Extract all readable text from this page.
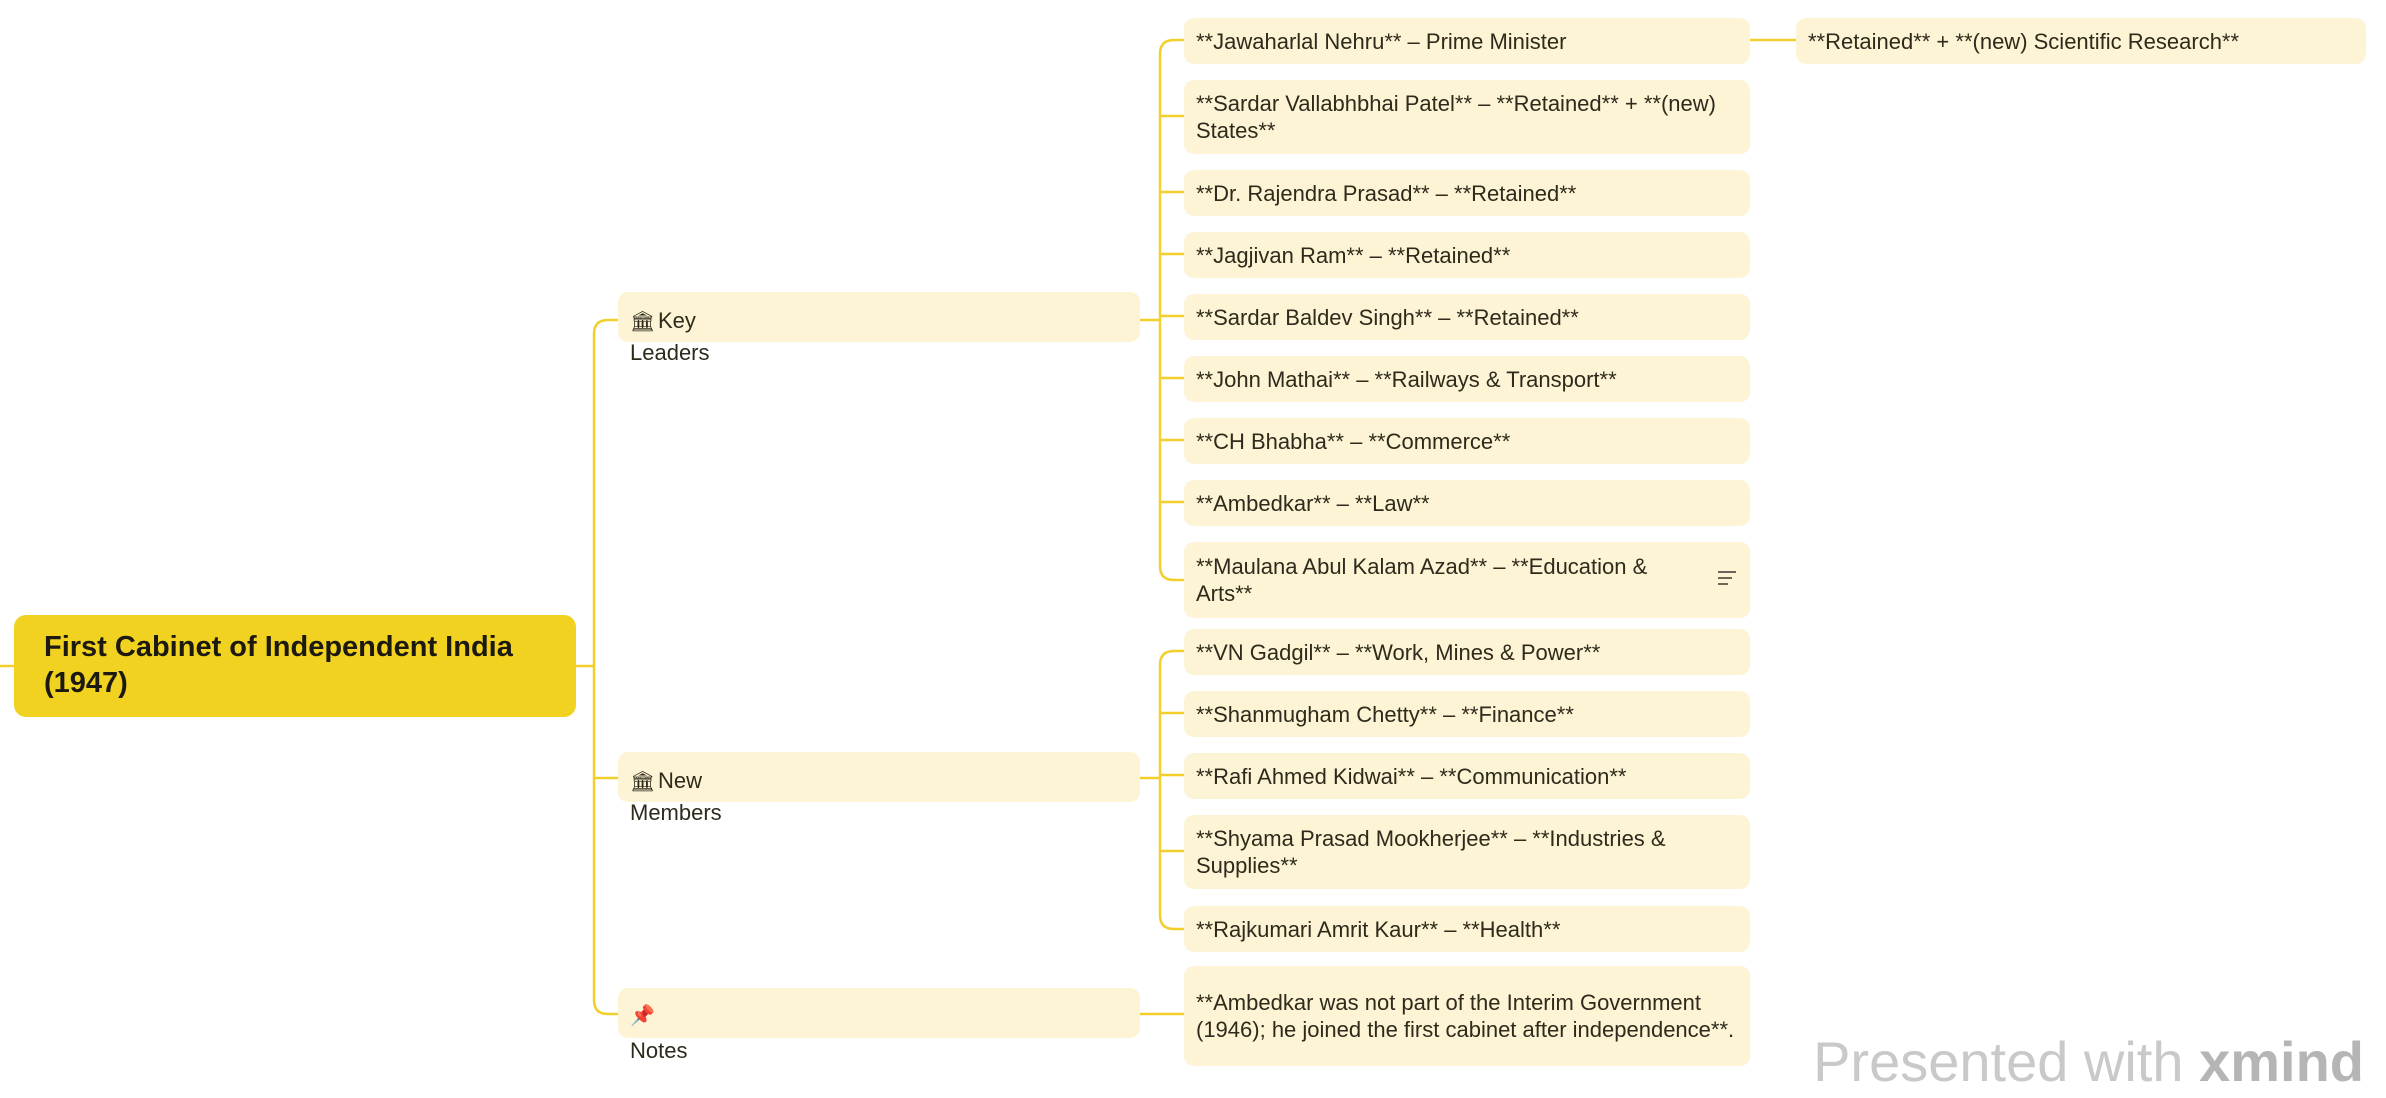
First Cabinet of Independent India (1947)
🏛 Key
Leaders
🏛 New
Members
📌
Notes
**Jawaharlal Nehru** – Prime Minister
**Sardar Vallabhbhai Patel** – **Retained** + **(new) States**
**Dr. Rajendra Prasad** – **Retained**
**Jagjivan Ram** – **Retained**
**Sardar Baldev Singh** – **Retained**
**John Mathai** – **Railways & Transport**
**CH Bhabha** – **Commerce**
**Ambedkar** – **Law**
**Maulana Abul Kalam Azad** – **Education & Arts**
**Retained** + **(new) Scientific Research**
**VN Gadgil** – **Work, Mines & Power**
**Shanmugham Chetty** – **Finance**
**Rafi Ahmed Kidwai** – **Communication**
**Shyama Prasad Mookherjee** – **Industries & Supplies**
**Rajkumari Amrit Kaur** – **Health**
**Ambedkar was not part of the Interim Government (1946); he joined the first cabinet after independence**.
Presented with xmind
